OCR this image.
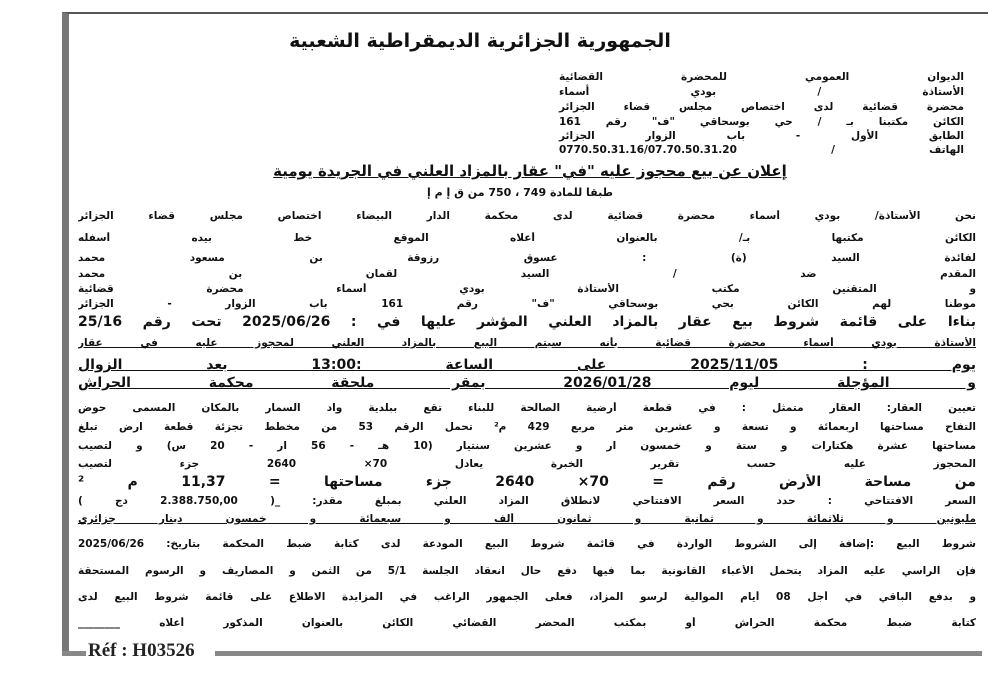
Réf : H03526
الجمهورية الجزائرية الديمقراطية الشعبية
الديوان العمومي للمحضرة القضائية
الأستاذة / بودي أسماء
محضرة قضائية لدى اختصاص مجلس قضاء الجزائر
الكائن مكتبنا بـ / حي بوسحاقي "ف" رقم 161
الطابق الأول - باب الزوار الجزائر
الهاتف / 0770.50.31.16/07.70.50.31.20
إعلان عن بيع محجوز عليه "في" عقار بالمزاد العلني في الجريدة يومية
طبقا للمادة 749 ، 750 من ق إ م إ
نحن الأستاذة/ بودي أسماء محضرة قضائية لدى محكمة الدار البيضاء اختصاص مجلس قضاء الجزائر
الكائن مكتبها بـ/ بالعنوان أعلاه الموقع خط بيده أسفله
لفائدة السيد (ة) : عسوق رزوقة بن مسعود محمد
المقدم ضد / السيد لقمان بن محمد
و المتقنين مكتب الأستاذة بودي أسماء محضرة قضائية
موطنا لهم الكائن بحي بوسحاقي "ف" رقم 161 باب الزوار - الجزائر
بناءا على قائمة شروط بيع عقار بالمزاد العلني المؤشر عليها في : 2025/06/26 تحت رقم 25/16
الأستاذة بودي أسماء محضرة قضائية بأنه سيتم البيع بالمزاد العلني لمحجوز عليه في عقار
يوم : 2025/11/05 على الساعة :13:00 بعد الزوال
و المؤجلة ليوم 2026/01/28 بمقر ملحقة محكمة الحراش
تعيين العقار: العقار متمثل : في قطعة أرضية الصالحة للبناء تقع ببلدية واد السمار بالمكان المسمى حوض
التفاح مساحتها اربعمائة و تسعة و عشرين متر مربع 429 م² تحمل الرقم 53 من مخطط تجزئة قطعة ارض تبلغ
مساحتها عشرة هكتارات و ستة و خمسون ار و عشرين سنتيار (10 هـ - 56 ار - 20 س) و لتصيب
المحجوز عليه حسب تقرير الخبرة يعادل 70× 2640 جزء لتصيب
من مساحة الأرض رقم = 70× 2640 جزء مساحتها = 11,37 م ²
السعر الافتتاحي : حدد السعر الافتتاحي لانطلاق المزاد العلني بمبلغ مقدر: _( 2.388.750,00 دج )
مليونين و ثلاثمائة و ثمانية و ثمانون ألف و سبعمائة و خمسون دينار جزائري
شروط البيع :إضافة إلى الشروط الواردة في قائمة شروط البيع المودعة لدى كتابة ضبط المحكمة بتاريخ: 2025/06/26
فإن الراسي عليه المزاد يتحمل الأعباء القانونية بما فيها دفع حال انعقاد الجلسة 5/1 من الثمن و المصاريف و الرسوم المستحقة
و بدفع الباقي في أجل 08 أيام الموالية لرسو المزاد، فعلى الجمهور الراغب في المزايدة الاطلاع على قائمة شروط البيع لدى
كتابة ضبط محكمة الحراش أو بمكتب المحضر القضائي الكائن بالعنوان المذكور أعلاه ________
